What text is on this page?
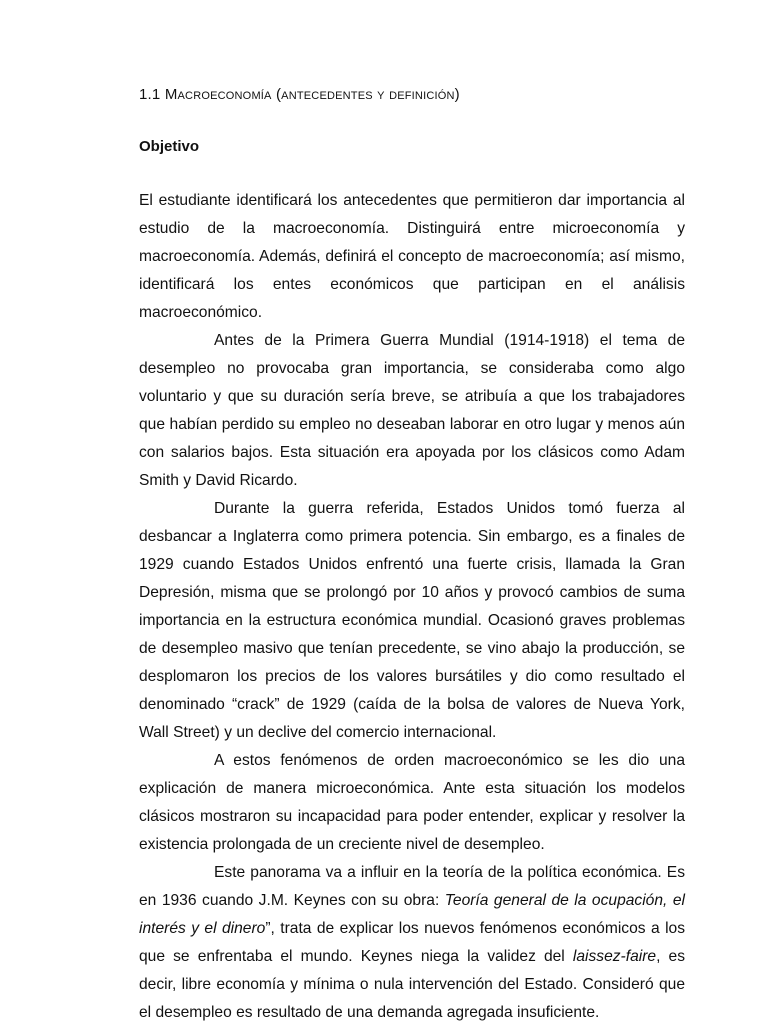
1.1 Macroeconomía (antecedentes y definición)
Objetivo

El estudiante identificará los antecedentes que permitieron dar importancia al estudio de la macroeconomía. Distinguirá entre microeconomía y macroeconomía. Además, definirá el concepto de macroeconomía; así mismo, identificará los entes económicos que participan en el análisis macroeconómico.

Antes de la Primera Guerra Mundial (1914-1918) el tema de desempleo no provocaba gran importancia, se consideraba como algo voluntario y que su duración sería breve, se atribuía a que los trabajadores que habían perdido su empleo no deseaban laborar en otro lugar y menos aún con salarios bajos. Esta situación era apoyada por los clásicos como Adam Smith y David Ricardo.

Durante la guerra referida, Estados Unidos tomó fuerza al desbancar a Inglaterra como primera potencia. Sin embargo, es a finales de 1929 cuando Estados Unidos enfrentó una fuerte crisis, llamada la Gran Depresión, misma que se prolongó por 10 años y provocó cambios de suma importancia en la estructura económica mundial. Ocasionó graves problemas de desempleo masivo que tenían precedente, se vino abajo la producción, se desplomaron los precios de los valores bursátiles y dio como resultado el denominado “crack” de 1929 (caída de la bolsa de valores de Nueva York, Wall Street) y un declive del comercio internacional.

A estos fenómenos de orden macroeconómico se les dio una explicación de manera microeconómica. Ante esta situación los modelos clásicos mostraron su incapacidad para poder entender, explicar y resolver la existencia prolongada de un creciente nivel de desempleo.

Este panorama va a influir en la teoría de la política económica. Es en 1936 cuando J.M. Keynes con su obra: Teoría general de la ocupación, el interés y el dinero”, trata de explicar los nuevos fenómenos económicos a los que se enfrentaba el mundo. Keynes niega la validez del laissez-faire, es decir, libre economía y mínima o nula intervención del Estado. Consideró que el desempleo es resultado de una demanda agregada insuficiente.
